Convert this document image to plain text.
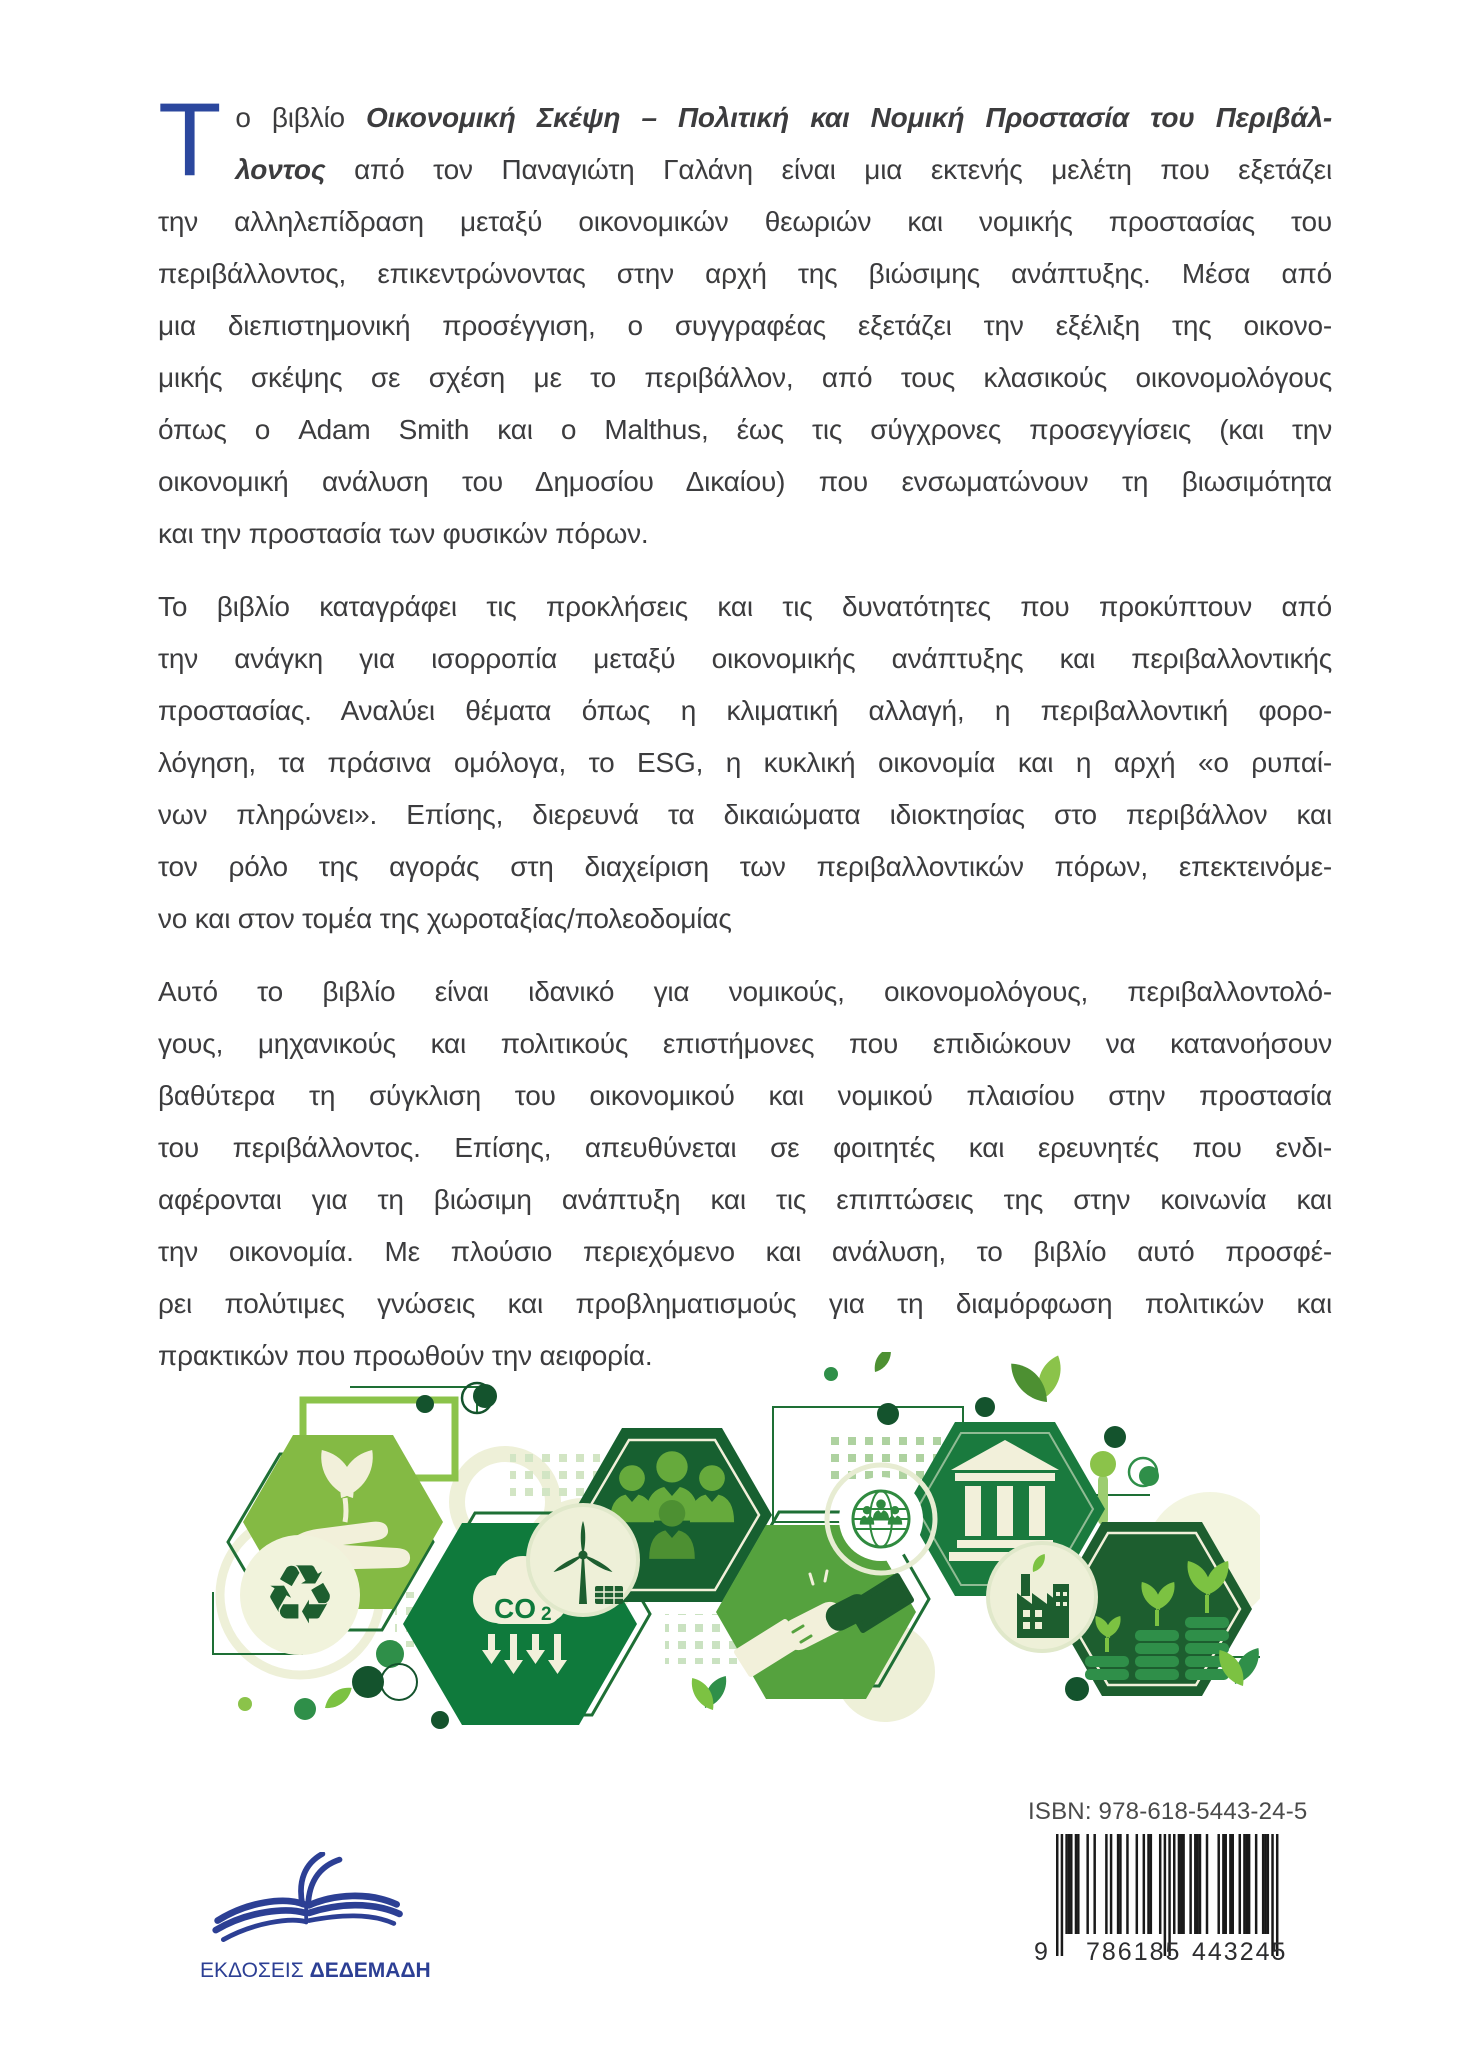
Τ ο βιβλίο Οικονομική Σκέψη – Πολιτική και Νομική Προστασία του Περιβάλ-
λοντος από τον Παναγιώτη Γαλάνη είναι μια εκτενής μελέτη που εξετάζει
την αλληλεπίδραση μεταξύ οικονομικών θεωριών και νομικής προστασίας του
περιβάλλοντος, επικεντρώνοντας στην αρχή της βιώσιμης ανάπτυξης. Μέσα από
μια διεπιστημονική προσέγγιση, ο συγγραφέας εξετάζει την εξέλιξη της οικονο-
μικής σκέψης σε σχέση με το περιβάλλον, από τους κλασικούς οικονομολόγους
όπως ο Adam Smith και ο Malthus, έως τις σύγχρονες προσεγγίσεις (και την
οικονομική ανάλυση του Δημοσίου Δικαίου) που ενσωματώνουν τη βιωσιμότητα
και την προστασία των φυσικών πόρων.
Το βιβλίο καταγράφει τις προκλήσεις και τις δυνατότητες που προκύπτουν από
την ανάγκη για ισορροπία μεταξύ οικονομικής ανάπτυξης και περιβαλλοντικής
προστασίας. Αναλύει θέματα όπως η κλιματική αλλαγή, η περιβαλλοντική φορο-
λόγηση, τα πράσινα ομόλογα, το ESG, η κυκλική οικονομία και η αρχή «ο ρυπαί-
νων πληρώνει». Επίσης, διερευνά τα δικαιώματα ιδιοκτησίας στο περιβάλλον και
τον ρόλο της αγοράς στη διαχείριση των περιβαλλοντικών πόρων, επεκτεινόμε-
νο και στον τομέα της χωροταξίας/πολεοδομίας
Αυτό το βιβλίο είναι ιδανικό για νομικούς, οικονομολόγους, περιβαλλοντολό-
γους, μηχανικούς και πολιτικούς επιστήμονες που επιδιώκουν να κατανοήσουν
βαθύτερα τη σύγκλιση του οικονομικού και νομικού πλαισίου στην προστασία
του περιβάλλοντος. Επίσης, απευθύνεται σε φοιτητές και ερευνητές που ενδι-
αφέρονται για τη βιώσιμη ανάπτυξη και τις επιπτώσεις της στην κοινωνία και
την οικονομία. Με πλούσιο περιεχόμενο και ανάλυση, το βιβλίο αυτό προσφέ-
ρει πολύτιμες γνώσεις και προβληματισμούς για τη διαμόρφωση πολιτικών και
πρακτικών που προωθούν την αειφορία.
CO 2
♻
ΕΚΔΟΣΕΙΣ ΔΕΔΕΜΑΔΗ
ISBN: 978-618-5443-24-5
9 786185 443245
